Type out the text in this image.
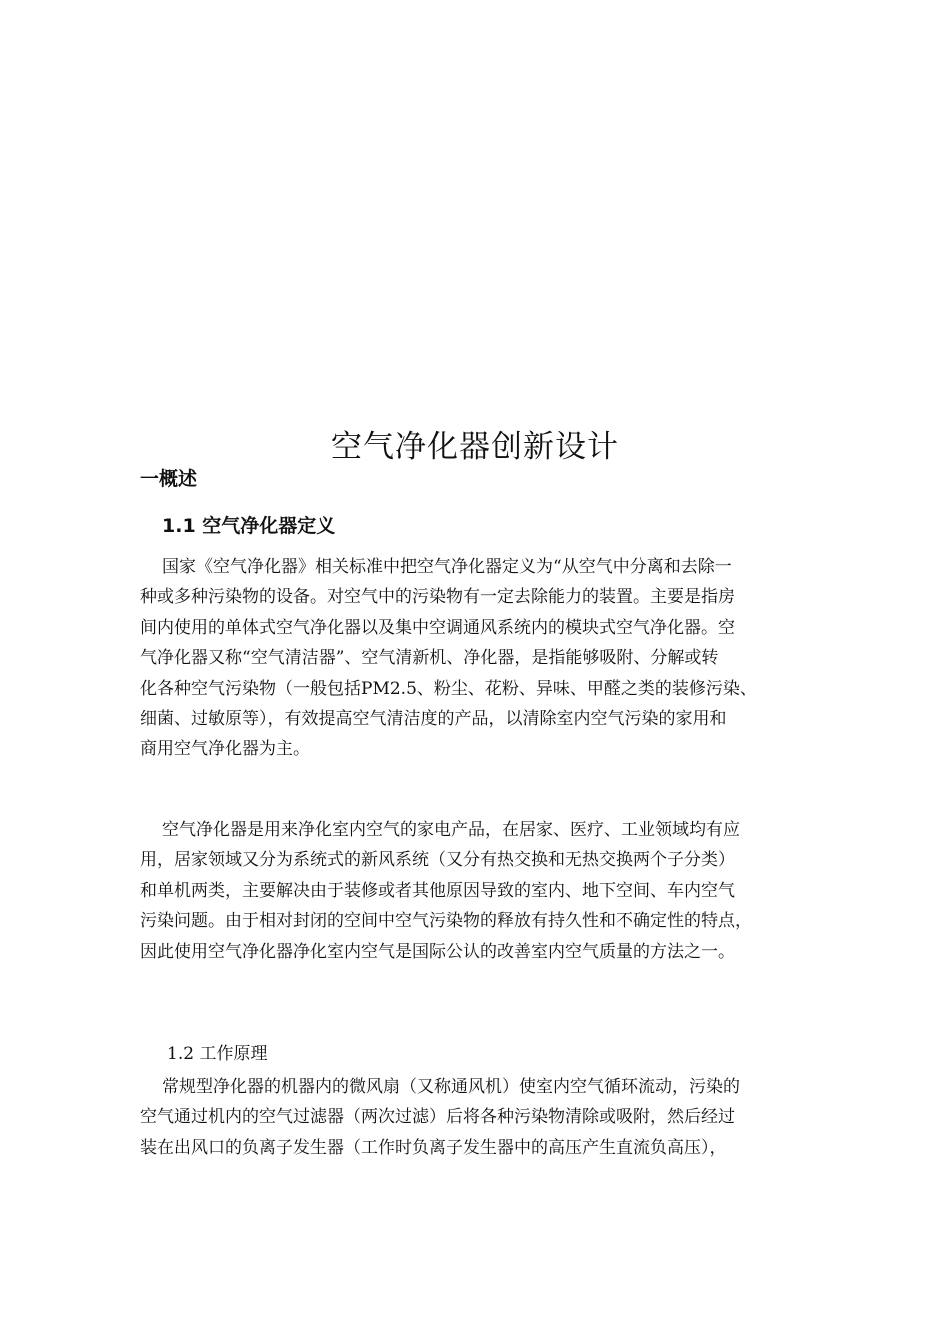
空气净化器创新设计
一概述
1.1 空气净化器定义
国家《空气净化器》相关标准中把空气净化器定义为“从空气中分离和去除一
种或多种污染物的设备。对空气中的污染物有一定去除能力的装置。主要是指房
间内使用的单体式空气净化器以及集中空调通风系统内的模块式空气净化器。空
气净化器又称“空气清洁器”、空气清新机、净化器，是指能够吸附、分解或转
化各种空气污染物（一般包括PM2.5、粉尘、花粉、异味、甲醛之类的装修污染、
细菌、过敏原等），有效提高空气清洁度的产品，以清除室内空气污染的家用和
商用空气净化器为主。
空气净化器是用来净化室内空气的家电产品，在居家、医疗、工业领域均有应
用，居家领域又分为系统式的新风系统（又分有热交换和无热交换两个子分类）
和单机两类，主要解决由于装修或者其他原因导致的室内、地下空间、车内空气
污染问题。由于相对封闭的空间中空气污染物的释放有持久性和不确定性的特点，
因此使用空气净化器净化室内空气是国际公认的改善室内空气质量的方法之一。
1.2 工作原理
常规型净化器的机器内的微风扇（又称通风机）使室内空气循环流动，污染的
空气通过机内的空气过滤器（两次过滤）后将各种污染物清除或吸附，然后经过
装在出风口的负离子发生器（工作时负离子发生器中的高压产生直流负高压），
